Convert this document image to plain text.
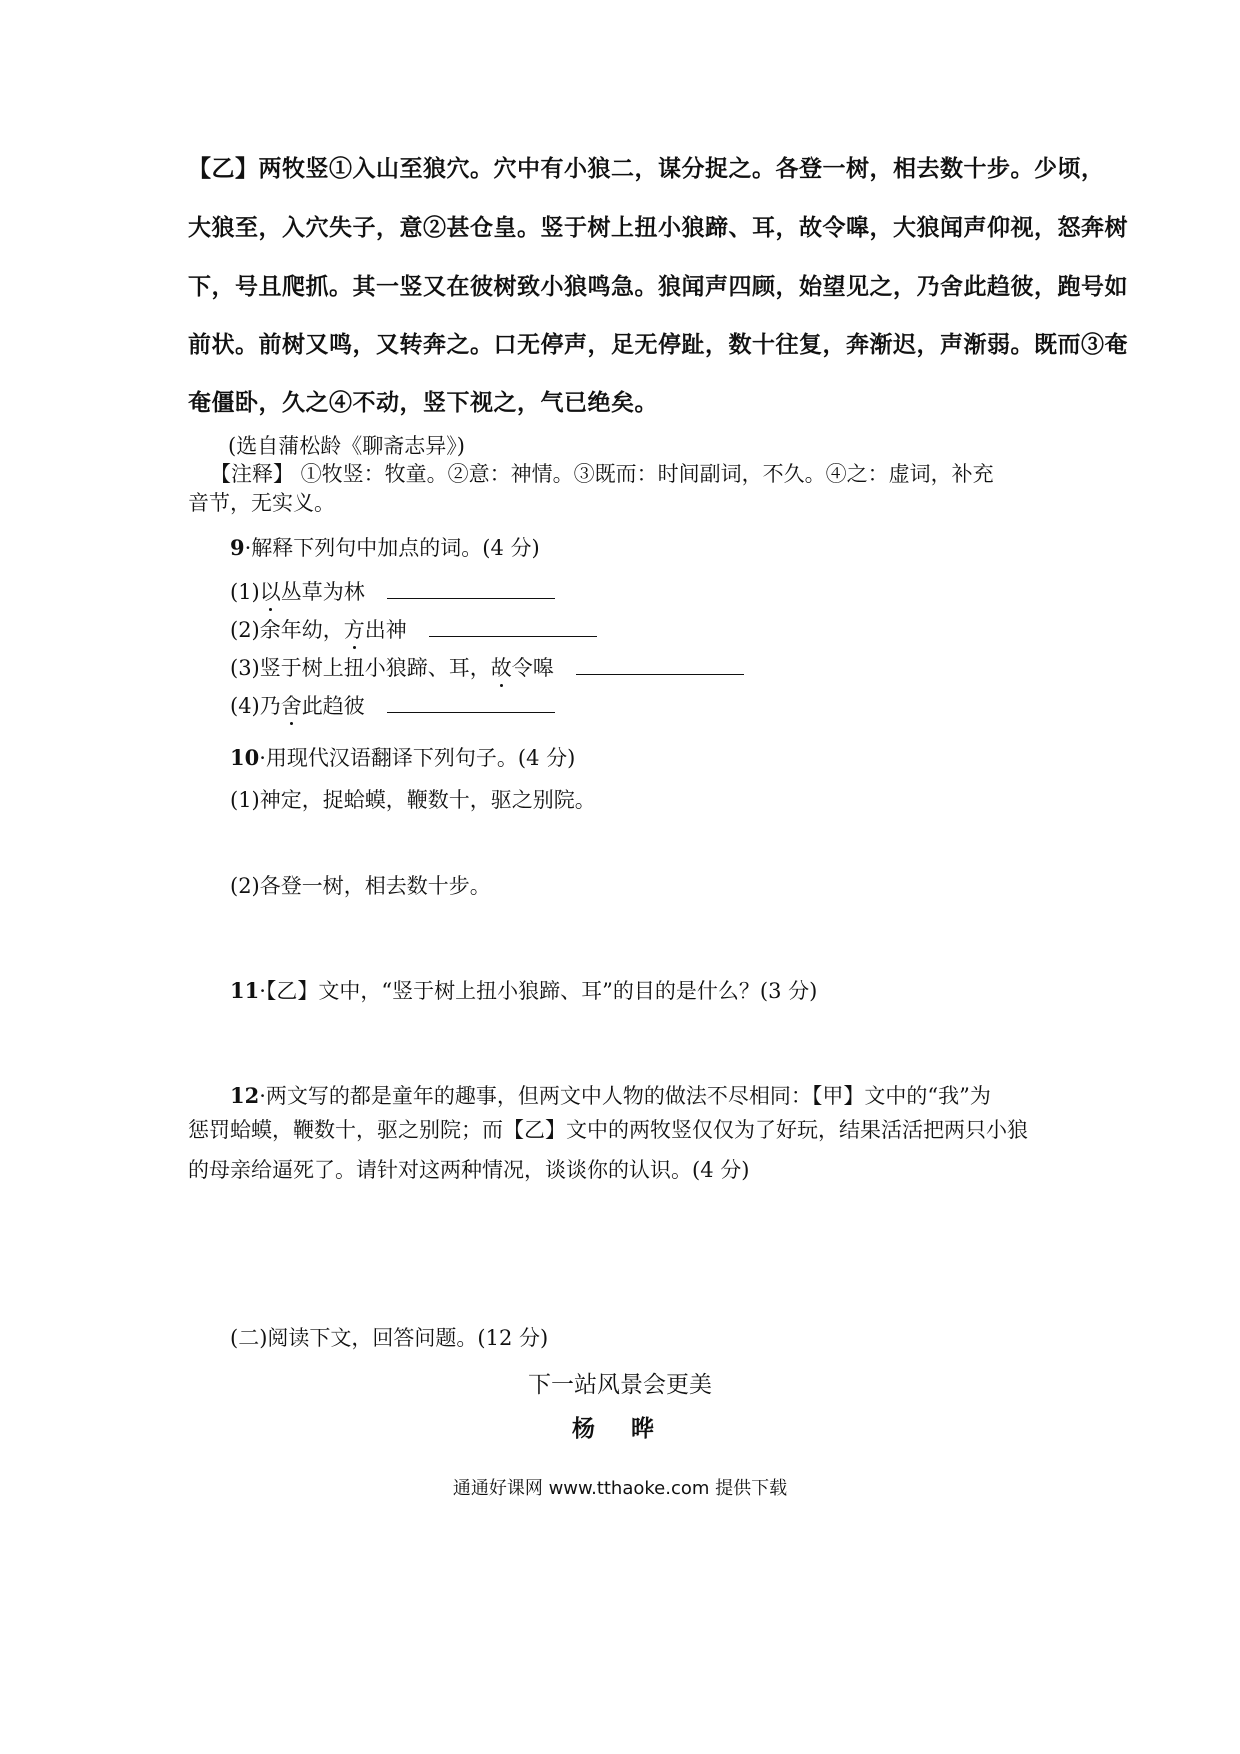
【乙】两牧竖①入山至狼穴。穴中有小狼二，谋分捉之。各登一树，相去数十步。少顷，
大狼至，入穴失子，意②甚仓皇。竖于树上扭小狼蹄、耳，故令嗥，大狼闻声仰视，怒奔树
下，号且爬抓。其一竖又在彼树致小狼鸣急。狼闻声四顾，始望见之，乃舍此趋彼，跑号如
前状。前树又鸣，又转奔之。口无停声，足无停趾，数十往复，奔渐迟，声渐弱。既而③奄
奄僵卧，久之④不动，竖下视之，气已绝矣。
(选自蒲松龄《聊斋志异》)
【注释】 ①牧竖：牧童。②意：神情。③既而：时间副词，不久。④之：虚词，补充
音节，无实义。
9·解释下列句中加点的词。(4 分)
(1)以丛草为林
(2)余年幼，方出神
(3)竖于树上扭小狼蹄、耳，故令嗥
(4)乃舍此趋彼
10·用现代汉语翻译下列句子。(4 分)
(1)神定，捉蛤蟆，鞭数十，驱之别院。
(2)各登一树，相去数十步。
11·【乙】文中，“竖于树上扭小狼蹄、耳”的目的是什么？(3 分)
12·两文写的都是童年的趣事，但两文中人物的做法不尽相同：【甲】文中的“我”为
惩罚蛤蟆，鞭数十，驱之别院；而【乙】文中的两牧竖仅仅为了好玩，结果活活把两只小狼
的母亲给逼死了。请针对这两种情况，谈谈你的认识。(4 分)
(二)阅读下文，回答问题。(12 分)
下一站风景会更美
杨 晔
通通好课网 www.tthaoke.com 提供下载
